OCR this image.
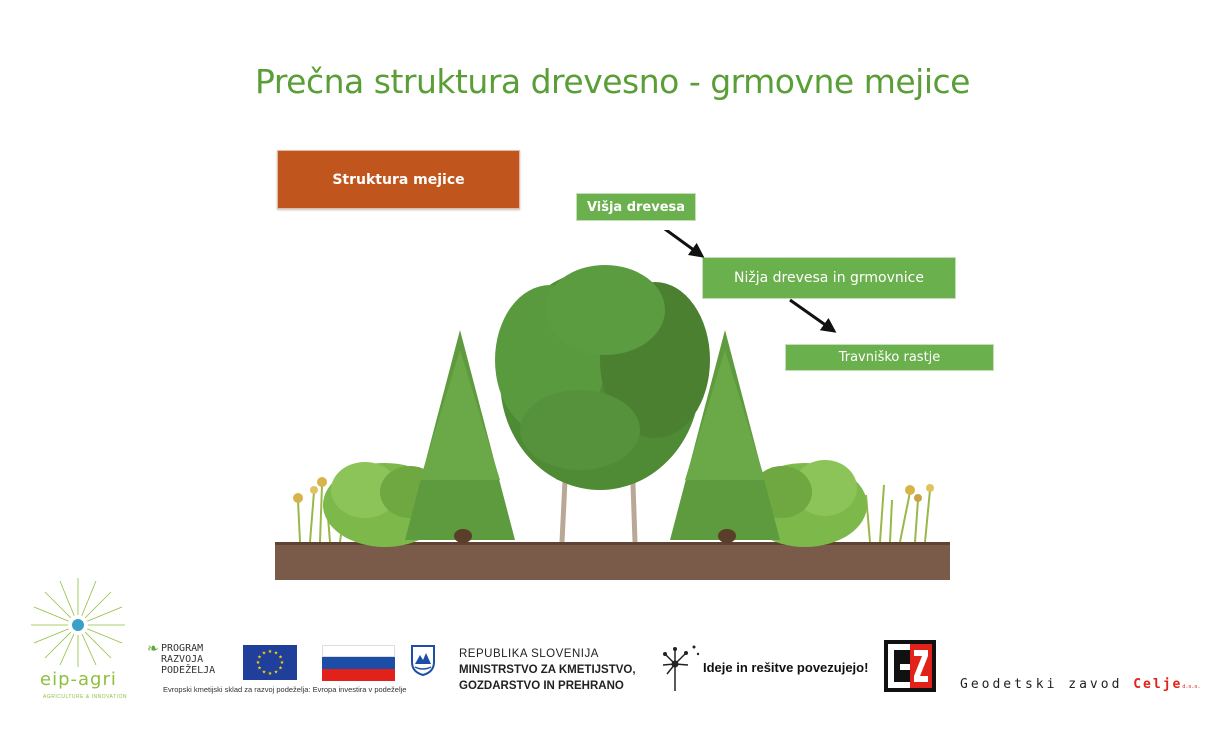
Prečna struktura drevesno - grmovne mejice
Struktura mejice
Višja drevesa
Nižja drevesa in grmovnice
Travniško rastje
eip-agri
AGRICULTURE & INNOVATION
❧ PROGRAM
RAZVOJA
PODEŽELJA
★ ★
★
★
★
★
★
★
★
★
★
★
Evropski kmetijski sklad za razvoj podeželja: Evropa investira v podeželje
REPUBLIKA SLOVENIJA
MINISTRSTVO ZA KMETIJSTVO,
GOZDARSTVO IN PREHRANO
Ideje in rešitve povezujejo!
Geodetski zavod Celjed.o.o.
